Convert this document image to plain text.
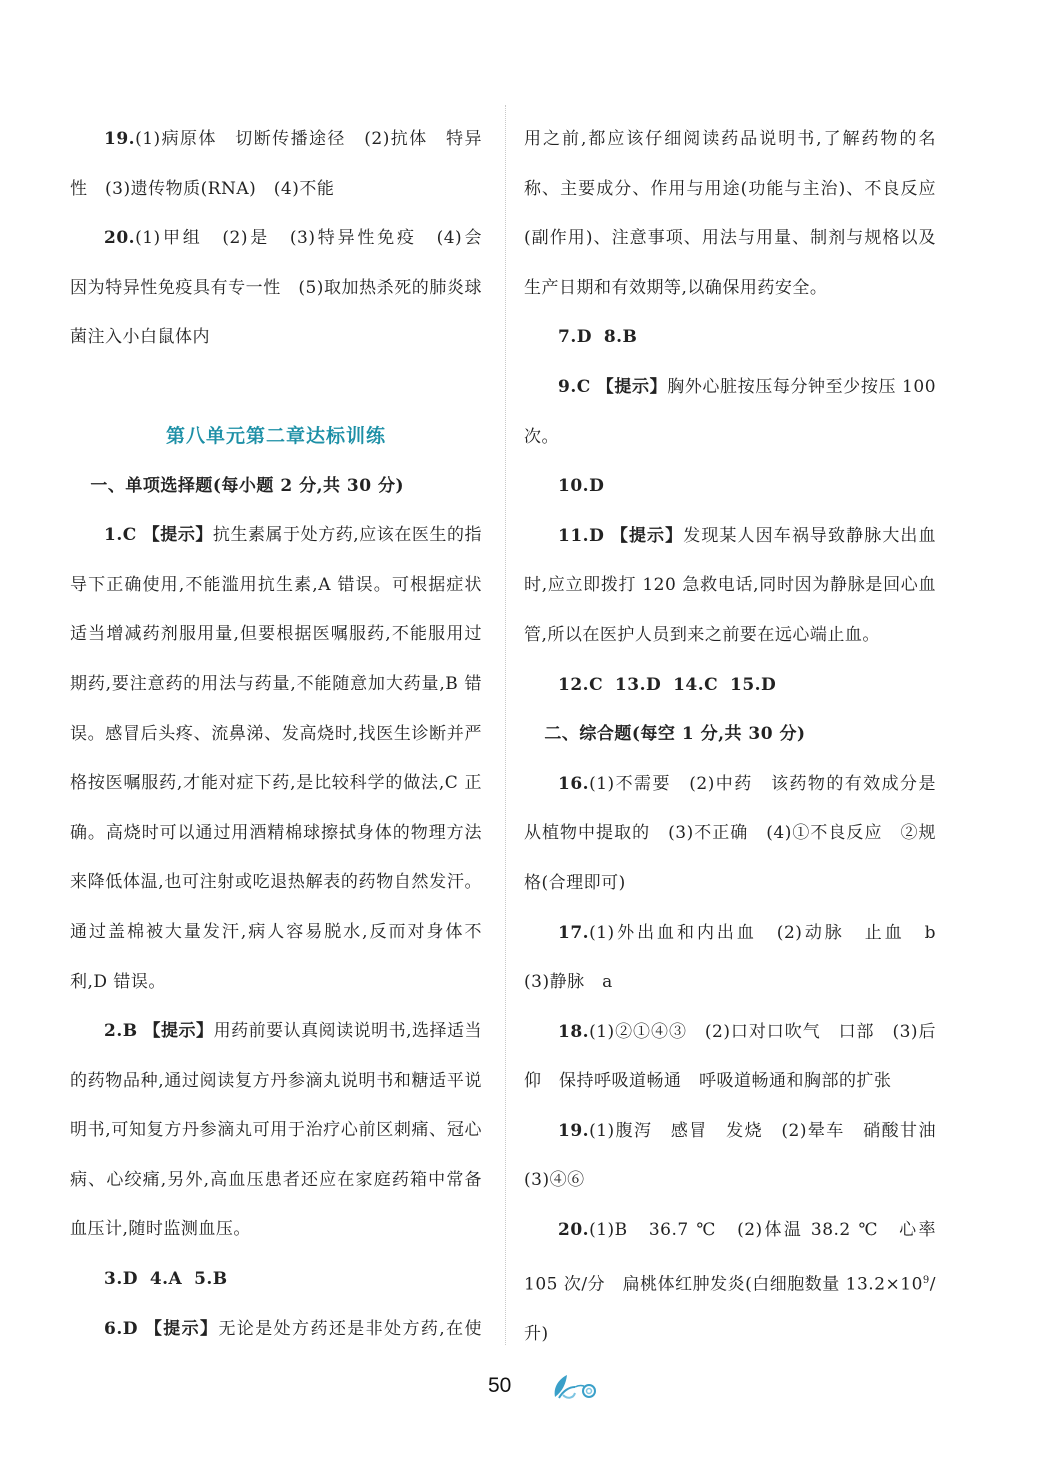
19.(1)病原体　切断传播途径　(2)抗体　特异性　(3)遗传物质(RNA)　(4)不能

20.(1)甲组　(2)是　(3)特异性免疫　(4)会　因为特异性免疫具有专一性　(5)取加热杀死的肺炎球菌注入小白鼠体内

第八单元第二章达标训练

一、单项选择题(每小题 2 分,共 30 分)

1.C 【提示】抗生素属于处方药,应该在医生的指导下正确使用,不能滥用抗生素,A 错误。可根据症状适当增减药剂服用量,但要根据医嘱服药,不能服用过期药,要注意药的用法与药量,不能随意加大药量,B 错误。感冒后头疼、流鼻涕、发高烧时,找医生诊断并严格按医嘱服药,才能对症下药,是比较科学的做法,C 正确。高烧时可以通过用酒精棉球擦拭身体的物理方法来降低体温,也可注射或吃退热解表的药物自然发汗。通过盖棉被大量发汗,病人容易脱水,反而对身体不利,D 错误。

2.B 【提示】用药前要认真阅读说明书,选择适当的药物品种,通过阅读复方丹参滴丸说明书和糖适平说明书,可知复方丹参滴丸可用于治疗心前区刺痛、冠心病、心绞痛,另外,高血压患者还应在家庭药箱中常备血压计,随时监测血压。

3.D 4.A 5.B

6.D 【提示】无论是处方药还是非处方药,在使

用之前,都应该仔细阅读药品说明书,了解药物的名称、主要成分、作用与用途(功能与主治)、不良反应(副作用)、注意事项、用法与用量、制剂与规格以及生产日期和有效期等,以确保用药安全。

7.D 8.B

9.C 【提示】胸外心脏按压每分钟至少按压 100 次。

10.D

11.D 【提示】发现某人因车祸导致静脉大出血时,应立即拨打 120 急救电话,同时因为静脉是回心血管,所以在医护人员到来之前要在远心端止血。

12.C 13.D 14.C 15.D

二、综合题(每空 1 分,共 30 分)

16.(1)不需要　(2)中药　该药物的有效成分是从植物中提取的　(3)不正确　(4)①不良反应　②规格(合理即可)

17.(1)外出血和内出血　(2)动脉　止血　b　(3)静脉　a

18.(1)②①④③　(2)口对口吹气　口部　(3)后仰　保持呼吸道畅通　呼吸道畅通和胸部的扩张

19.(1)腹泻　感冒　发烧　(2)晕车　硝酸甘油　(3)④⑥

20.(1)B　36.7 ℃　(2)体温 38.2 ℃　心率 105 次/分　扁桃体红肿发炎(白细胞数量 $13.2\times 10^9/$升)

50
